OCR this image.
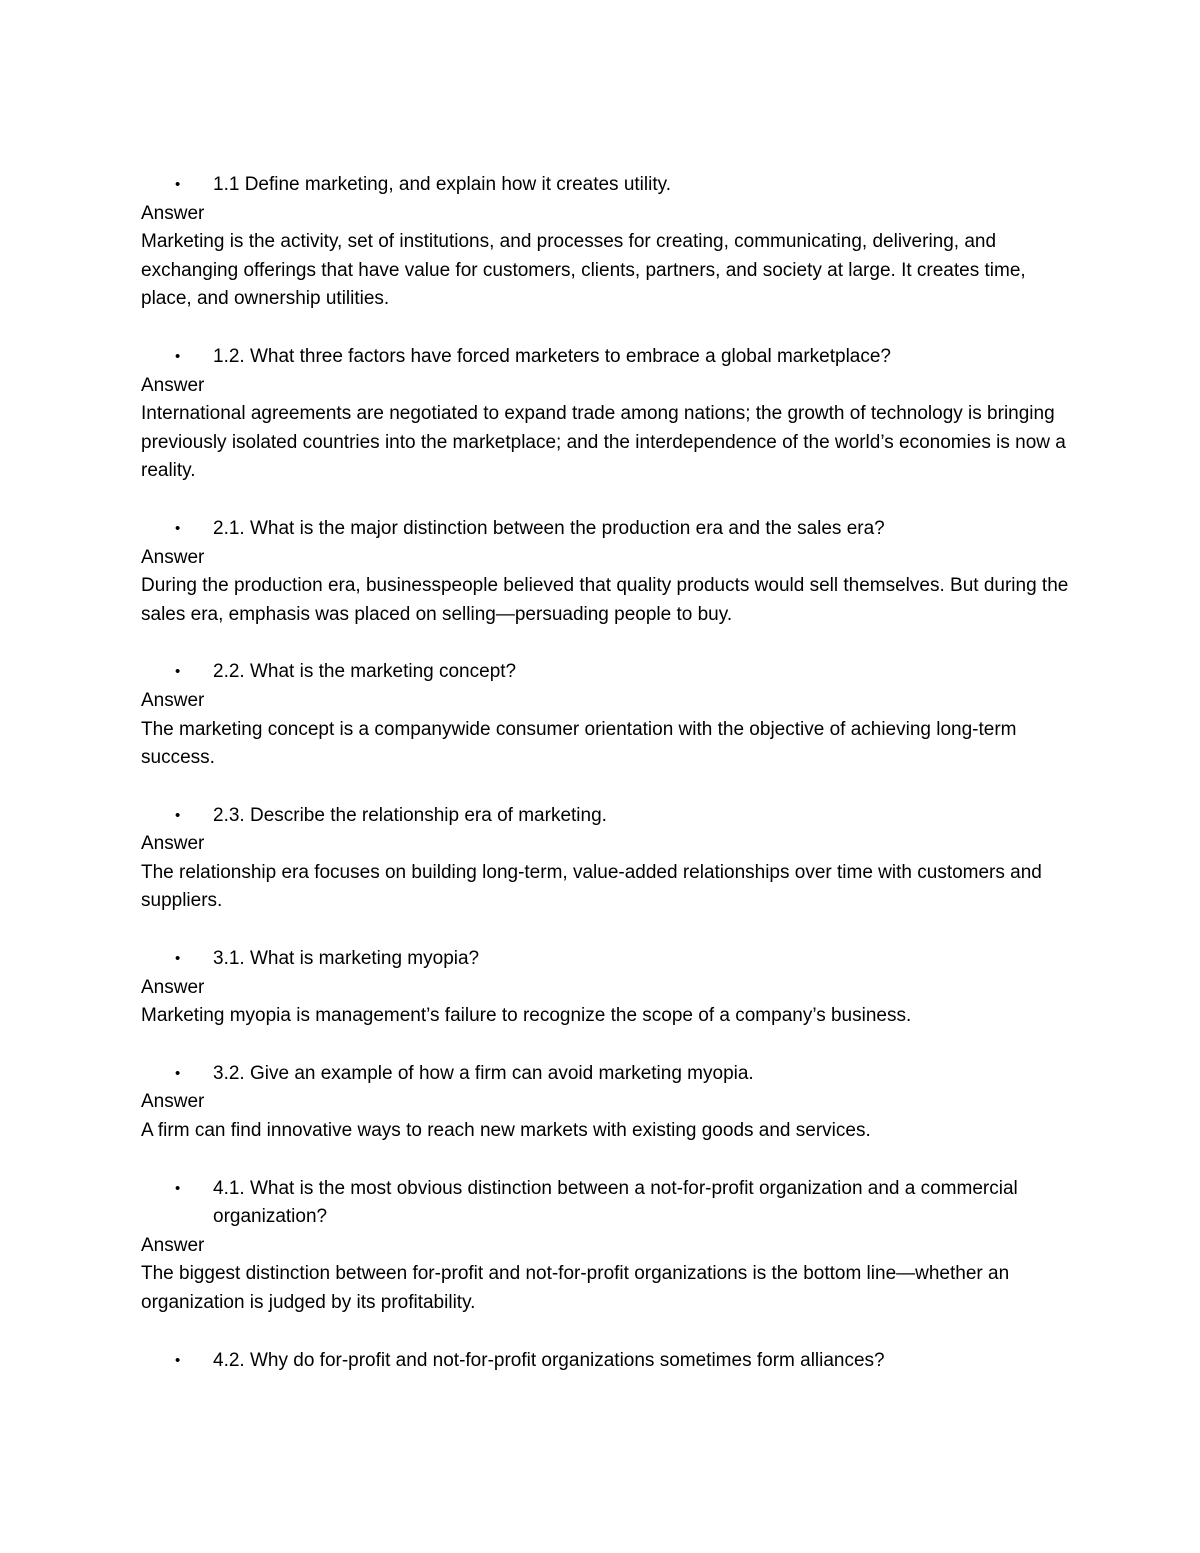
• 1.1 Define marketing, and explain how it creates utility.
Answer
Marketing is the activity, set of institutions, and processes for creating, communicating, delivering, and exchanging offerings that have value for customers, clients, partners, and society at large. It creates time, place, and ownership utilities.
• 1.2. What three factors have forced marketers to embrace a global marketplace?
Answer
International agreements are negotiated to expand trade among nations; the growth of technology is bringing previously isolated countries into the marketplace; and the interdependence of the world’s economies is now a reality.
• 2.1. What is the major distinction between the production era and the sales era?
Answer
During the production era, businesspeople believed that quality products would sell themselves. But during the sales era, emphasis was placed on selling—persuading people to buy.
• 2.2. What is the marketing concept?
Answer
The marketing concept is a companywide consumer orientation with the objective of achieving long-term success.
• 2.3. Describe the relationship era of marketing.
Answer
The relationship era focuses on building long-term, value-added relationships over time with customers and suppliers.
• 3.1. What is marketing myopia?
Answer
Marketing myopia is management’s failure to recognize the scope of a company’s business.
• 3.2. Give an example of how a firm can avoid marketing myopia.
Answer
A firm can find innovative ways to reach new markets with existing goods and services.
• 4.1. What is the most obvious distinction between a not-for-profit organization and a commercial organization?
Answer
The biggest distinction between for-profit and not-for-profit organizations is the bottom line—whether an organization is judged by its profitability.
• 4.2. Why do for-profit and not-for-profit organizations sometimes form alliances?
